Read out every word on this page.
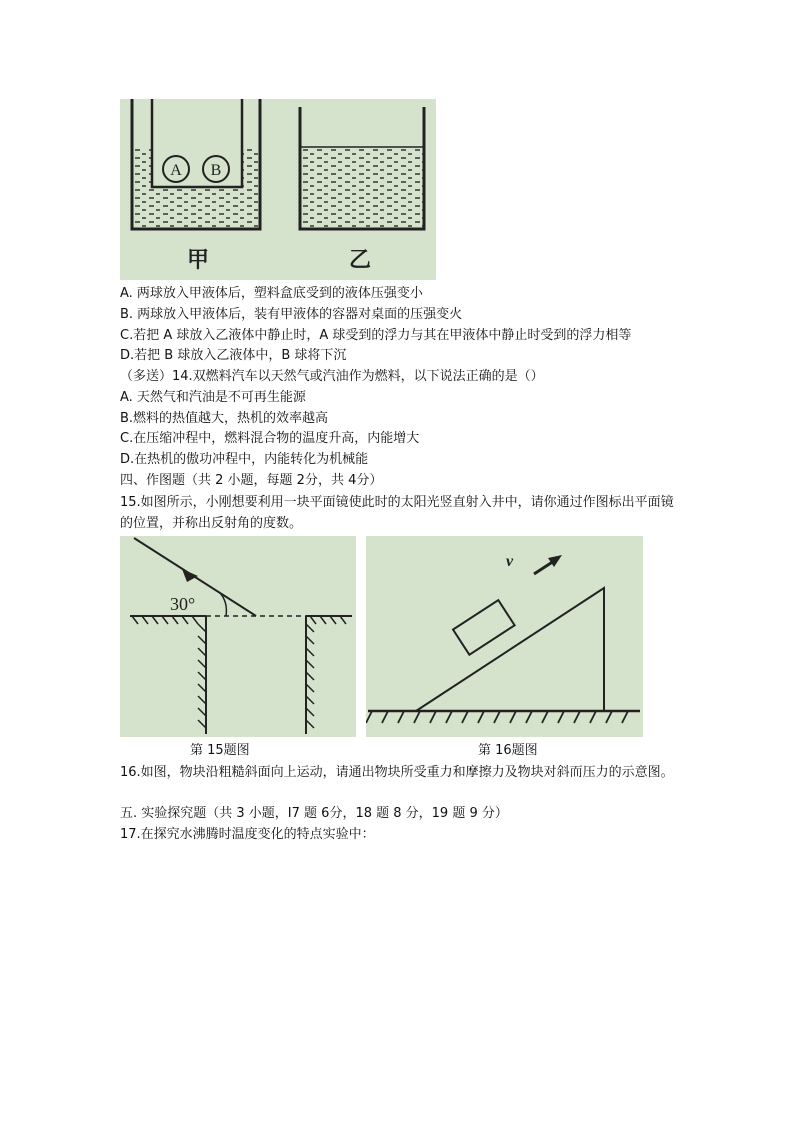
A B
甲	乙
A. 两球放入甲液体后，塑料盒底受到的液体压强变小
B. 两球放入甲液体后，装有甲液体的容器对桌面的压强变火
C.若把 A 球放入乙液体中静止时，A 球受到的浮力与其在甲液体中静止时受到的浮力相等
D.若把 B 球放入乙液体中，B 球将下沉
（多送）14.双燃料汽车以天然气或汽油作为燃料，以下说法正确的是（）
A. 天然气和汽油是不可再生能源
B.燃料的热值越大，热机的效率越高
C.在压缩冲程中，燃料混合物的温度升高，内能增大
D.在热机的傲功冲程中，内能转化为机械能
四、作图题（共 2 小题，每题 2分，共 4分）
15.如图所示，小刚想要利用一块平面镜使此时的太阳光竖直射入井中，请你通过作图标出平面镜的位置，并称出反射角的度数。
30°
v
第 15题图	第 16题图
16.如图，物块沿粗糙斜面向上运动，请通出物块所受重力和摩擦力及物块对斜而压力的示意图。
五. 实验探究题（共 3 小题，I7 题 6分，18 题 8 分，19 题 9 分）
17.在探究水沸腾时温度变化的特点实验中：
